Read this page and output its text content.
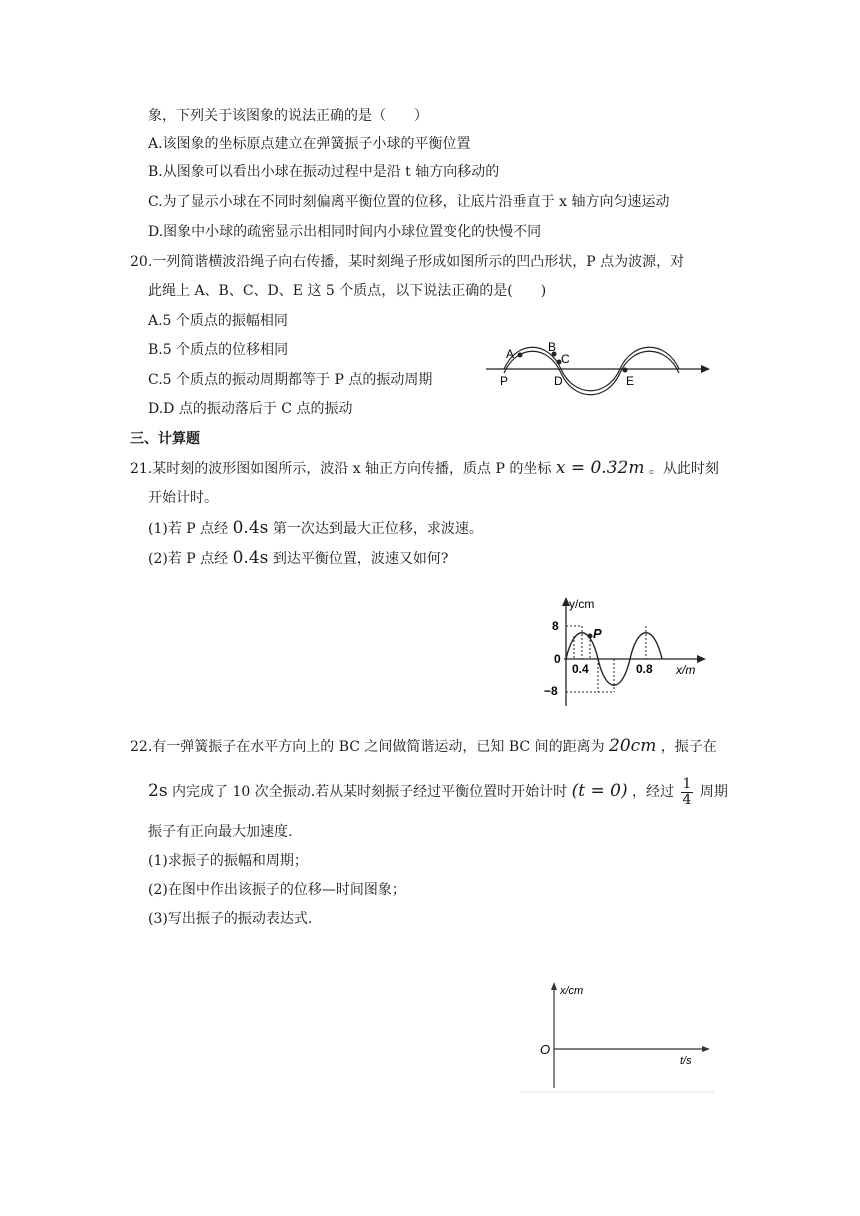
象，下列关于该图象的说法正确的是（　　）
A.该图象的坐标原点建立在弹簧振子小球的平衡位置
B.从图象可以看出小球在振动过程中是沿 t 轴方向移动的
C.为了显示小球在不同时刻偏离平衡位置的位移，让底片沿垂直于 x 轴方向匀速运动
D.图象中小球的疏密显示出相同时间内小球位置变化的快慢不同
20.一列简谐横波沿绳子向右传播，某时刻绳子形成如图所示的凹凸形状，P 点为波源，对
此绳上 A、B、C、D、E 这 5 个质点，以下说法正确的是(　　)
A.5 个质点的振幅相同
B.5 个质点的位移相同
C.5 个质点的振动周期都等于 P 点的振动周期
D.D 点的振动落后于 C 点的振动
A	B
C
P	D	E
三、计算题
21.某时刻的波形图如图所示，波沿 x 轴正方向传播，质点 P 的坐标 x = 0.32m 。从此时刻
开始计时。
(1)若 P 点经 0.4s 第一次达到最大正位移，求波速。
(2)若 P 点经 0.4s 到达平衡位置，波速又如何?
P
y/cm
8
0
−8
0.4	0.8 x/m
22.有一弹簧振子在水平方向上的 BC 之间做简谐运动，已知 BC 间的距离为 20cm ，振子在
2s 内完成了 10 次全振动.若从某时刻振子经过平衡位置时开始计时 (t = 0) ，经过 $\frac{1}{4}$ 周期
振子有正向最大加速度.
(1)求振子的振幅和周期；
(2)在图中作出该振子的位移—时间图象；
(3)写出振子的振动表达式.
x/cm
O
t/s
